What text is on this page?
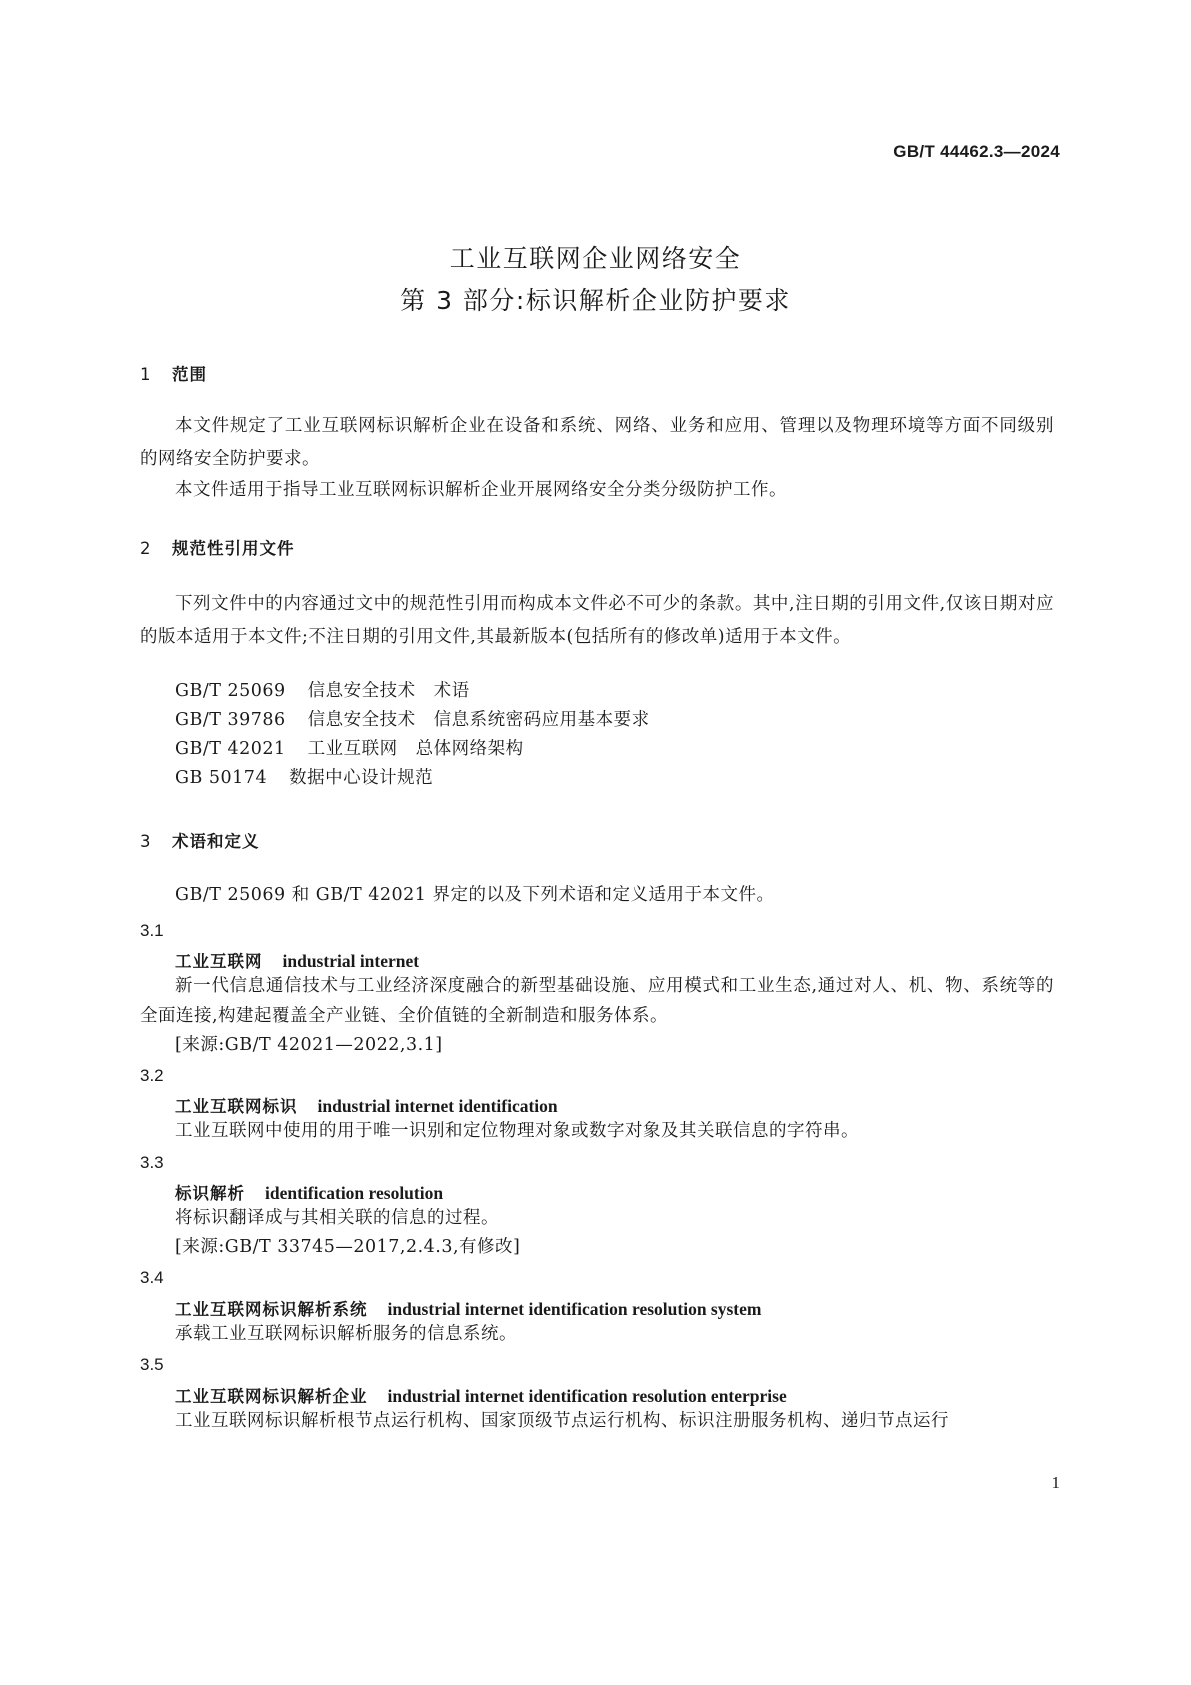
GB/T 44462.3—2024
工业互联网企业网络安全
第 3 部分:标识解析企业防护要求
1 范围
本文件规定了工业互联网标识解析企业在设备和系统、网络、业务和应用、管理以及物理环境等方面不同级别的网络安全防护要求。
本文件适用于指导工业互联网标识解析企业开展网络安全分类分级防护工作。
2 规范性引用文件
下列文件中的内容通过文中的规范性引用而构成本文件必不可少的条款。其中,注日期的引用文件,仅该日期对应的版本适用于本文件;不注日期的引用文件,其最新版本(包括所有的修改单)适用于本文件。
GB/T 25069 信息安全技术　术语
GB/T 39786 信息安全技术　信息系统密码应用基本要求
GB/T 42021 工业互联网　总体网络架构
GB 50174 数据中心设计规范
3 术语和定义
GB/T 25069 和 GB/T 42021 界定的以及下列术语和定义适用于本文件。
3.1
工业互联网 industrial internet
新一代信息通信技术与工业经济深度融合的新型基础设施、应用模式和工业生态,通过对人、机、物、系统等的全面连接,构建起覆盖全产业链、全价值链的全新制造和服务体系。
[来源:GB/T 42021—2022,3.1]
3.2
工业互联网标识 industrial internet identification
工业互联网中使用的用于唯一识别和定位物理对象或数字对象及其关联信息的字符串。
3.3
标识解析 identification resolution
将标识翻译成与其相关联的信息的过程。
[来源:GB/T 33745—2017,2.4.3,有修改]
3.4
工业互联网标识解析系统 industrial internet identification resolution system
承载工业互联网标识解析服务的信息系统。
3.5
工业互联网标识解析企业 industrial internet identification resolution enterprise
工业互联网标识解析根节点运行机构、国家顶级节点运行机构、标识注册服务机构、递归节点运行
1
